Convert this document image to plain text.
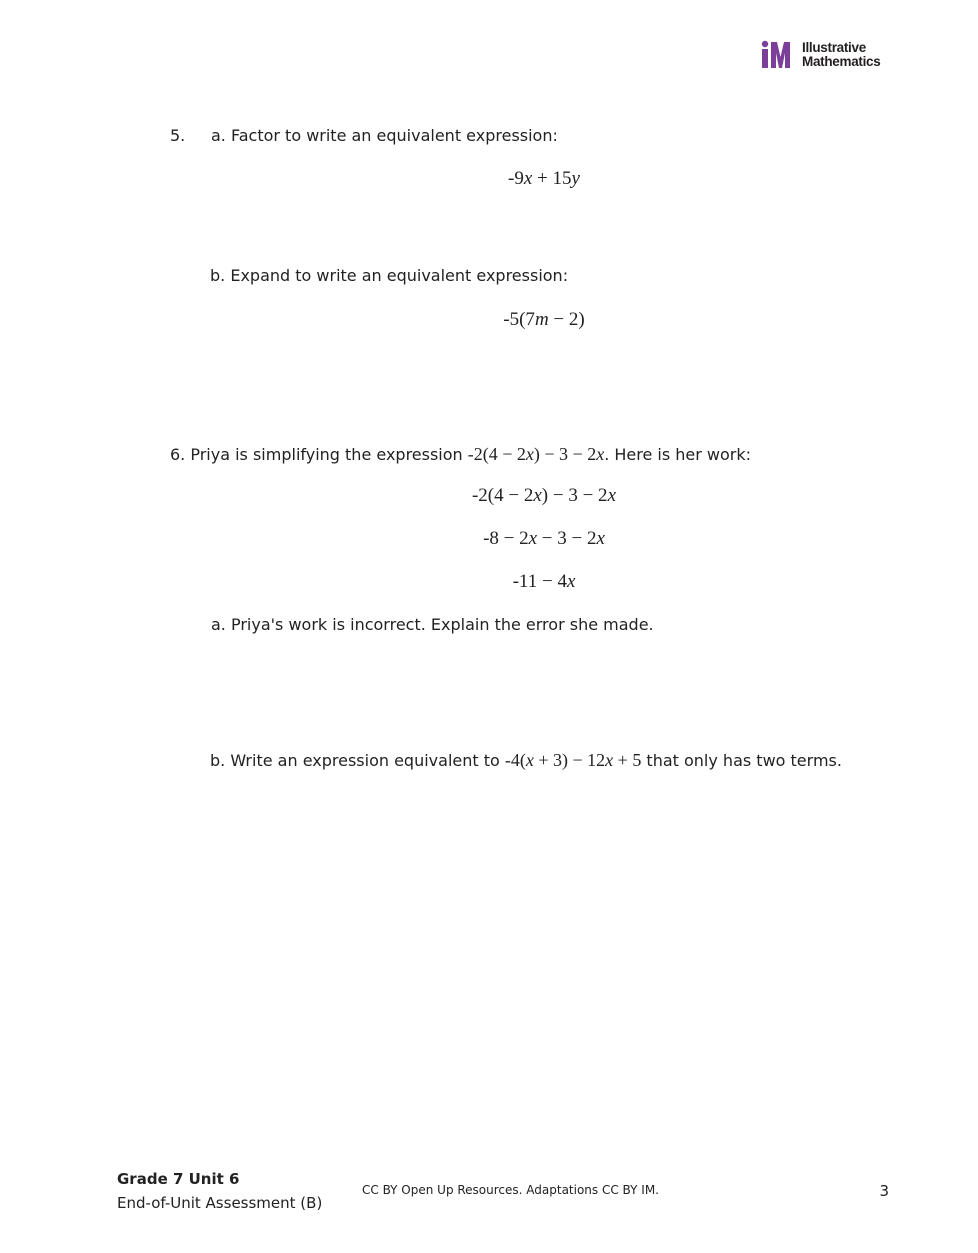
Illustrative
Mathematics
5. a. Factor to write an equivalent expression:
-9x + 15y
b. Expand to write an equivalent expression:
-5(7m − 2)
6. Priya is simplifying the expression -2(4 − 2x) − 3 − 2x. Here is her work:
-2(4 − 2x) − 3 − 2x
-8 − 2x − 3 − 2x
-11 − 4x
a. Priya's work is incorrect. Explain the error she made.
b. Write an expression equivalent to -4(x + 3) − 12x + 5 that only has two terms.
Grade 7 Unit 6
End-of-Unit Assessment (B)
CC BY Open Up Resources. Adaptations CC BY IM.	3
